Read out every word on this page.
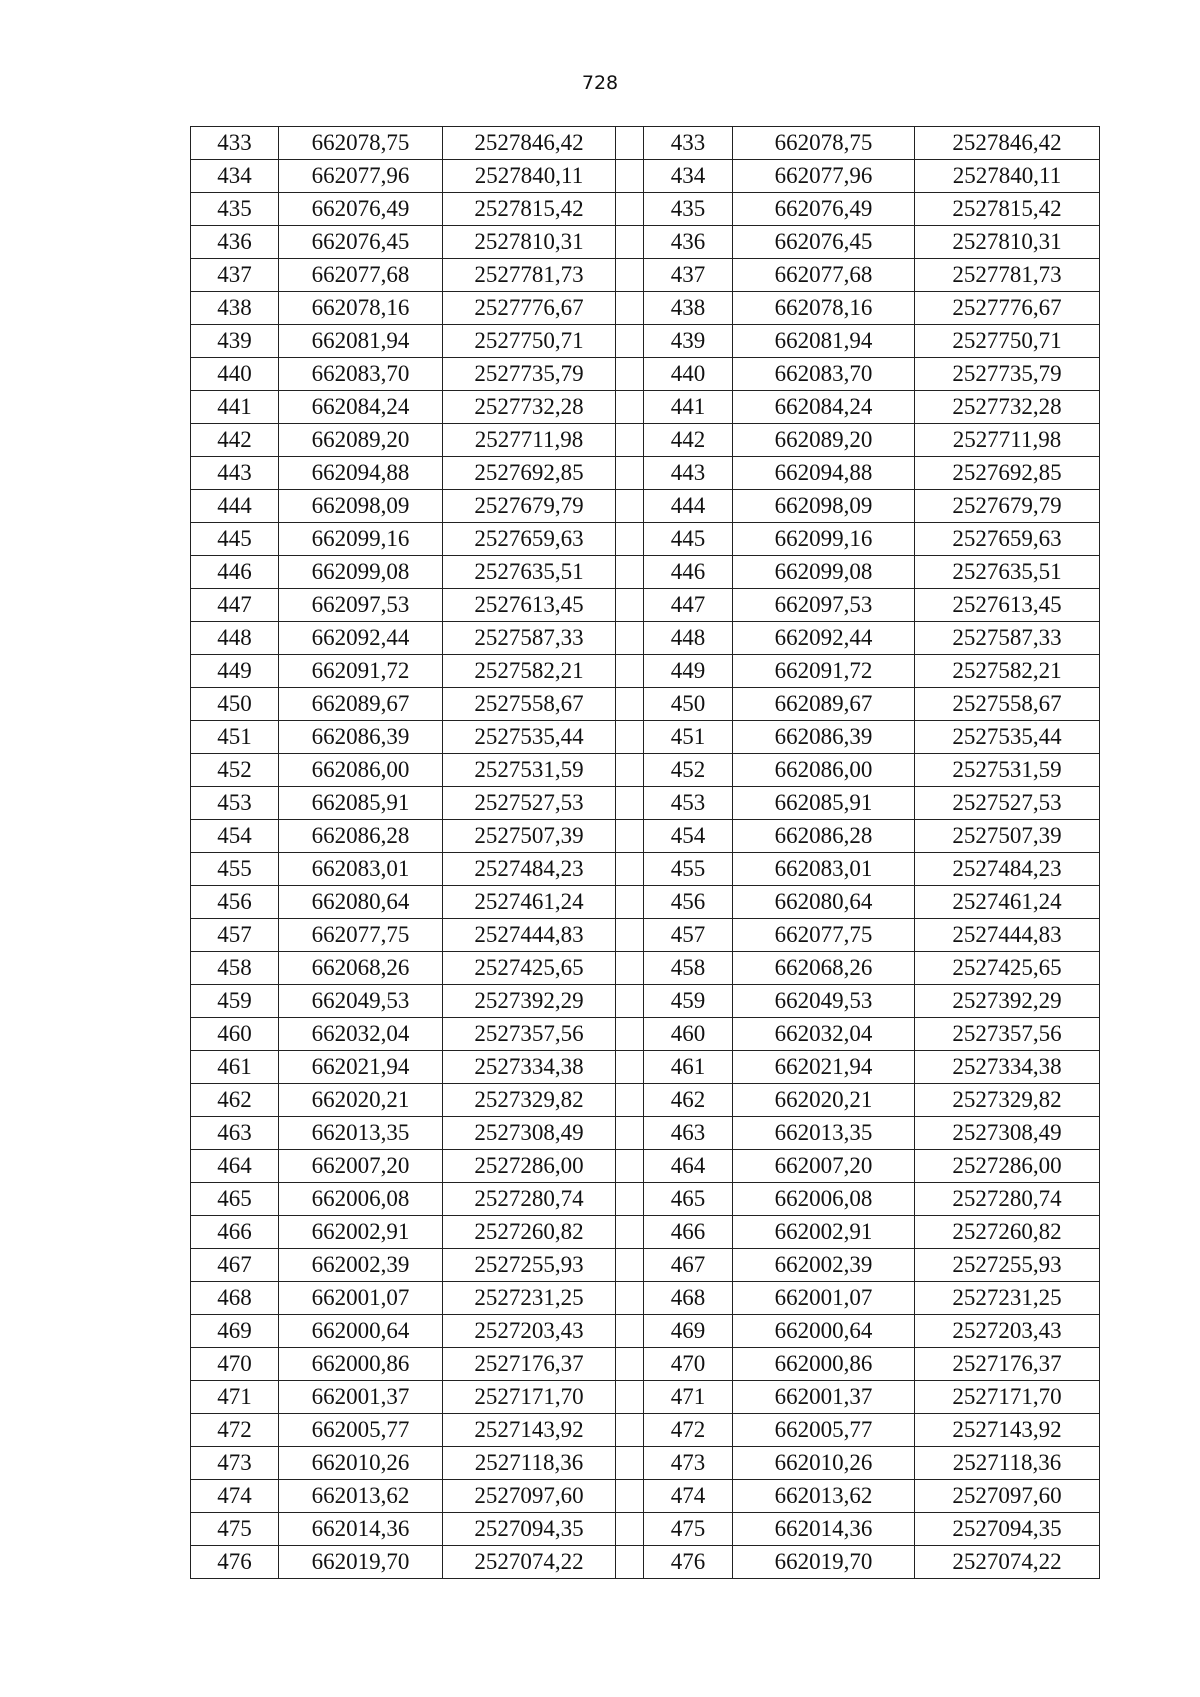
728
433	662078,75	2527846,42		433	662078,75	2527846,42
434	662077,96	2527840,11		434	662077,96	2527840,11
435	662076,49	2527815,42		435	662076,49	2527815,42
436	662076,45	2527810,31		436	662076,45	2527810,31
437	662077,68	2527781,73		437	662077,68	2527781,73
438	662078,16	2527776,67		438	662078,16	2527776,67
439	662081,94	2527750,71		439	662081,94	2527750,71
440	662083,70	2527735,79		440	662083,70	2527735,79
441	662084,24	2527732,28		441	662084,24	2527732,28
442	662089,20	2527711,98		442	662089,20	2527711,98
443	662094,88	2527692,85		443	662094,88	2527692,85
444	662098,09	2527679,79		444	662098,09	2527679,79
445	662099,16	2527659,63		445	662099,16	2527659,63
446	662099,08	2527635,51		446	662099,08	2527635,51
447	662097,53	2527613,45		447	662097,53	2527613,45
448	662092,44	2527587,33		448	662092,44	2527587,33
449	662091,72	2527582,21		449	662091,72	2527582,21
450	662089,67	2527558,67		450	662089,67	2527558,67
451	662086,39	2527535,44		451	662086,39	2527535,44
452	662086,00	2527531,59		452	662086,00	2527531,59
453	662085,91	2527527,53		453	662085,91	2527527,53
454	662086,28	2527507,39		454	662086,28	2527507,39
455	662083,01	2527484,23		455	662083,01	2527484,23
456	662080,64	2527461,24		456	662080,64	2527461,24
457	662077,75	2527444,83		457	662077,75	2527444,83
458	662068,26	2527425,65		458	662068,26	2527425,65
459	662049,53	2527392,29		459	662049,53	2527392,29
460	662032,04	2527357,56		460	662032,04	2527357,56
461	662021,94	2527334,38		461	662021,94	2527334,38
462	662020,21	2527329,82		462	662020,21	2527329,82
463	662013,35	2527308,49		463	662013,35	2527308,49
464	662007,20	2527286,00		464	662007,20	2527286,00
465	662006,08	2527280,74		465	662006,08	2527280,74
466	662002,91	2527260,82		466	662002,91	2527260,82
467	662002,39	2527255,93		467	662002,39	2527255,93
468	662001,07	2527231,25		468	662001,07	2527231,25
469	662000,64	2527203,43		469	662000,64	2527203,43
470	662000,86	2527176,37		470	662000,86	2527176,37
471	662001,37	2527171,70		471	662001,37	2527171,70
472	662005,77	2527143,92		472	662005,77	2527143,92
473	662010,26	2527118,36		473	662010,26	2527118,36
474	662013,62	2527097,60		474	662013,62	2527097,60
475	662014,36	2527094,35		475	662014,36	2527094,35
476	662019,70	2527074,22		476	662019,70	2527074,22
